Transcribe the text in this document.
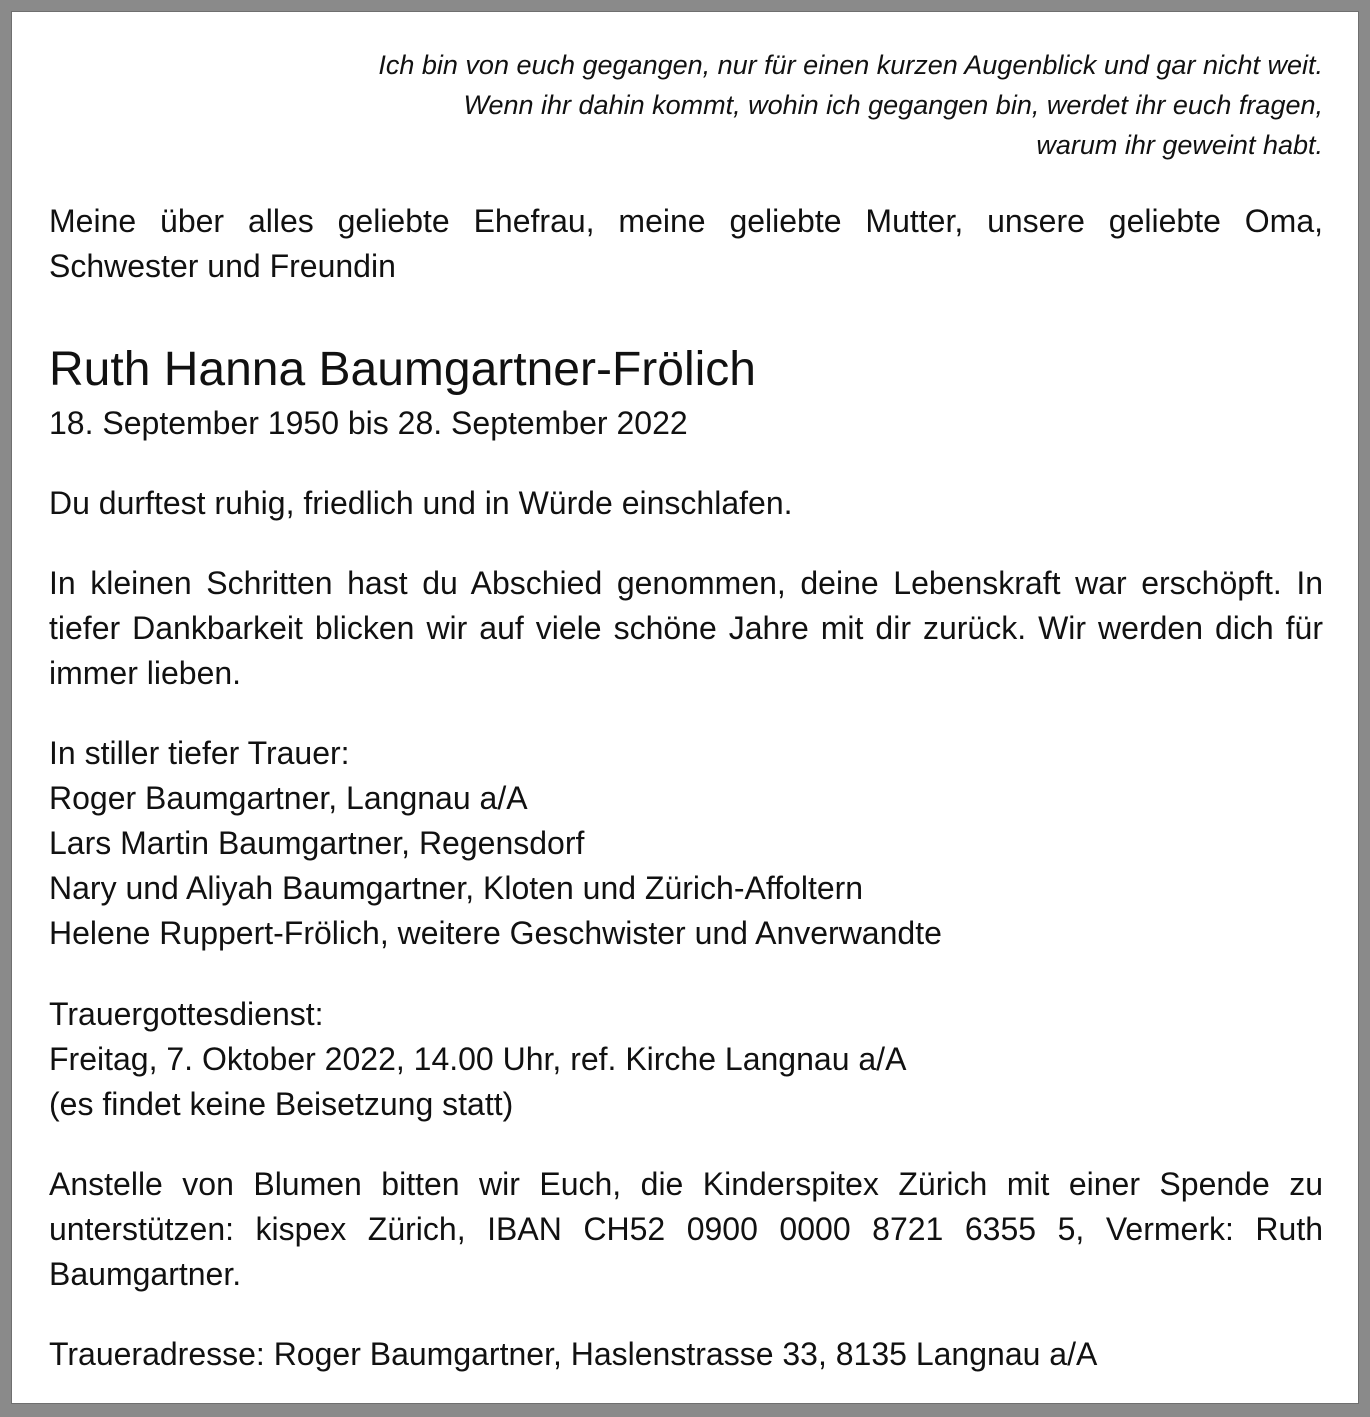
Ich bin von euch gegangen, nur für einen kurzen Augenblick und gar nicht weit.
Wenn ihr dahin kommt, wohin ich gegangen bin, werdet ihr euch fragen,
warum ihr geweint habt.
Meine über alles geliebte Ehefrau, meine geliebte Mutter, unsere geliebte Oma, Schwester und Freundin
Ruth Hanna Baumgartner-Frölich
18. September 1950 bis 28. September 2022
Du durftest ruhig, friedlich und in Würde einschlafen.
In kleinen Schritten hast du Abschied genommen, deine Lebenskraft war erschöpft. In tiefer Dankbarkeit blicken wir auf viele schöne Jahre mit dir zurück. Wir werden dich für immer lieben.
In stiller tiefer Trauer:
Roger Baumgartner, Langnau a/A
Lars Martin Baumgartner, Regensdorf
Nary und Aliyah Baumgartner, Kloten und Zürich-Affoltern
Helene Ruppert-Frölich, weitere Geschwister und Anverwandte
Trauergottesdienst:
Freitag, 7. Oktober 2022, 14.00 Uhr, ref. Kirche Langnau a/A
(es findet keine Beisetzung statt)
Anstelle von Blumen bitten wir Euch, die Kinderspitex Zürich mit einer Spende zu unterstützen: kispex Zürich, IBAN CH52 0900 0000 8721 6355 5, Vermerk: Ruth Baumgartner.
Traueradresse: Roger Baumgartner, Haslenstrasse 33, 8135 Langnau a/A
